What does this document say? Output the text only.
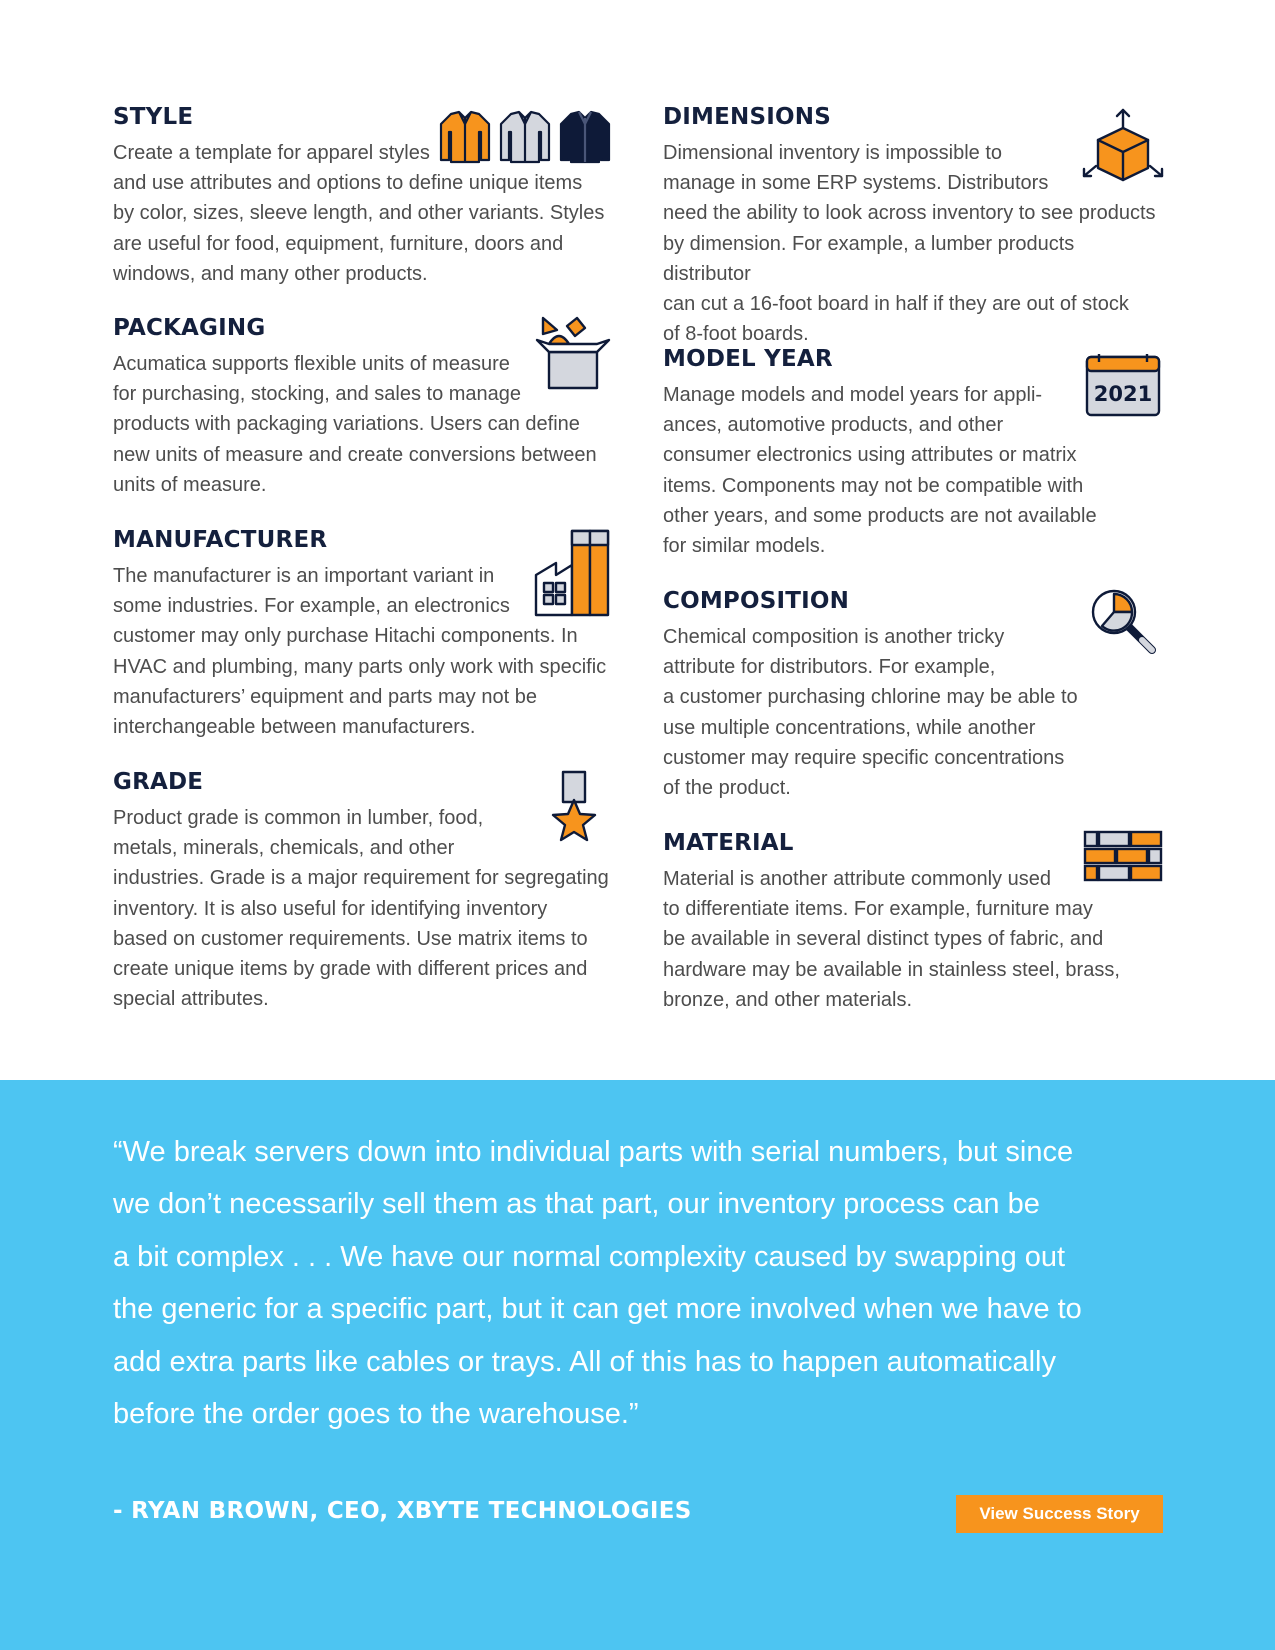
STYLE

Create a template for apparel styles
and use attributes and options to define unique items
by color, sizes, sleeve length, and other variants. Styles
are useful for food, equipment, furniture, doors and
windows, and many other products.

PACKAGING

Acumatica supports flexible units of measure
for purchasing, stocking, and sales to manage
products with packaging variations. Users can define
new units of measure and create conversions between
units of measure.

MANUFACTURER

The manufacturer is an important variant in
some industries. For example, an electronics
customer may only purchase Hitachi components. In
HVAC and plumbing, many parts only work with specific
manufacturers’ equipment and parts may not be
interchangeable between manufacturers.

GRADE

Product grade is common in lumber, food,
metals, minerals, chemicals, and other
industries. Grade is a major requirement for segregating
inventory. It is also useful for identifying inventory
based on customer requirements. Use matrix items to
create unique items by grade with different prices and
special attributes.

DIMENSIONS

Dimensional inventory is impossible to
manage in some ERP systems. Distributors
need the ability to look across inventory to see products
by dimension. For example, a lumber products distributor
can cut a 16-foot board in half if they are out of stock
of 8-foot boards.

MODEL YEAR

Manage models and model years for appli-
ances, automotive products, and other
consumer electronics using attributes or matrix
items. Components may not be compatible with
other years, and some products are not available
for similar models.

COMPOSITION

Chemical composition is another tricky
attribute for distributors. For example,
a customer purchasing chlorine may be able to
use multiple concentrations, while another
customer may require specific concentrations
of the product.

MATERIAL

Material is another attribute commonly used
to differentiate items. For example, furniture may
be available in several distinct types of fabric, and
hardware may be available in stainless steel, brass,
bronze, and other materials.

2021

“We break servers down into individual parts with serial numbers, but since
we don’t necessarily sell them as that part, our inventory process can be
a bit complex . . . We have our normal complexity caused by swapping out
the generic for a specific part, but it can get more involved when we have to
add extra parts like cables or trays. All of this has to happen automatically
before the order goes to the warehouse.”

- RYAN BROWN, CEO, XBYTE TECHNOLOGIES	View Success Story
